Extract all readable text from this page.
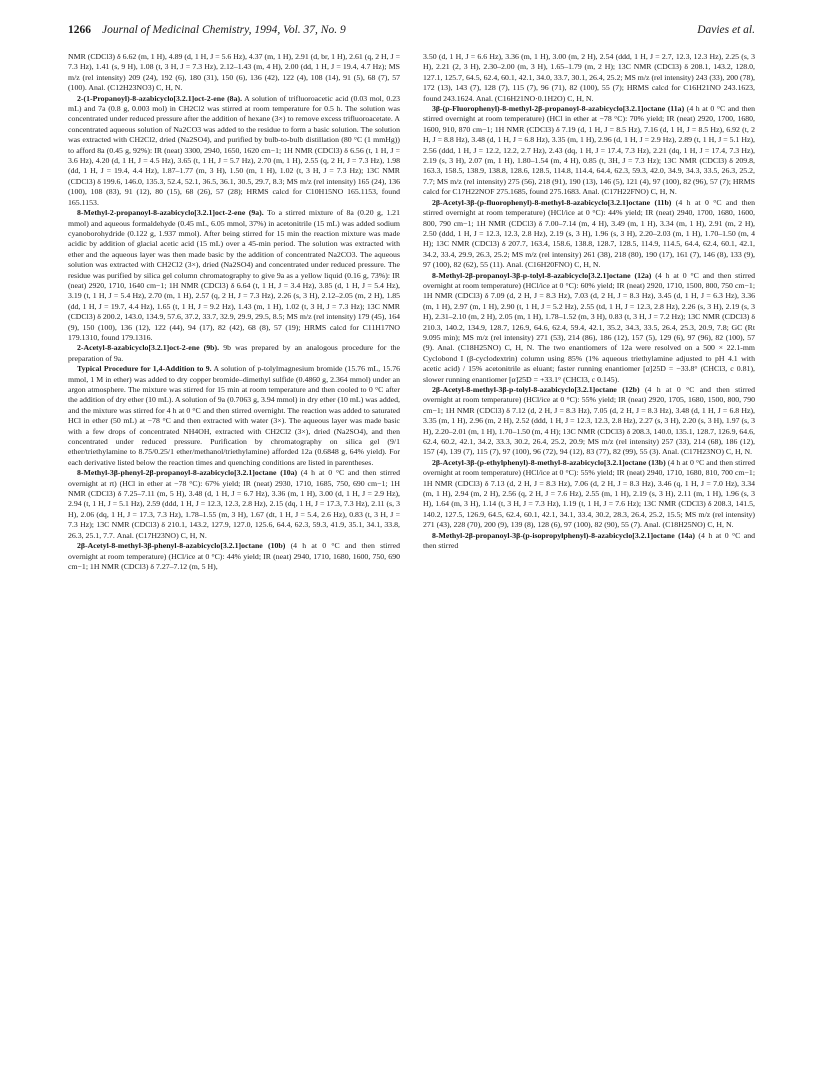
1266 Journal of Medicinal Chemistry, 1994, Vol. 37, No. 9	Davies et al.

NMR (CDCl3) δ 6.62 (m, 1 H), 4.89 (d, 1 H, J = 5.6 Hz), 4.37 (m, 1 H), 2.91 (d, br, 1 H), 2.61 (q, 2 H, J = 7.3 Hz), 1.41 (s, 9 H), 1.08 (t, 3 H, J = 7.3 Hz), 2.12–1.43 (m, 4 H), 2.00 (dd, 1 H, J = 19.4, 4.7 Hz); MS m/z (rel intensity) 209 (24), 192 (6), 180 (31), 150 (6), 136 (42), 122 (4), 108 (14), 91 (5), 68 (7), 57 (100). Anal. (C12H23NO3) C, H, N.

2-(1-Propanoyl)-8-azabicyclo[3.2.1]oct-2-ene (8a). A solution of trifluoroacetic acid (0.03 mol, 0.23 mL) and 7a (0.8 g, 0.003 mol) in CH2Cl2 was stirred at room temperature for 0.5 h. The solution was concentrated under reduced pressure after the addition of hexane (3×) to remove excess trifluoroacetate. A concentrated aqueous solution of Na2CO3 was added to the residue to form a basic solution. The solution was extracted with CH2Cl2, dried (Na2SO4), and purified by bulb-to-bulb distillation (80 °C (1 mmHg)) to afford 8a (0.45 g, 92%): IR (neat) 3300, 2940, 1650, 1620 cm−1; 1H NMR (CDCl3) δ 6.56 (t, 1 H, J = 3.6 Hz), 4.20 (d, 1 H, J = 4.5 Hz), 3.65 (t, 1 H, J = 5.7 Hz), 2.70 (m, 1 H), 2.55 (q, 2 H, J = 7.3 Hz), 1.98 (dd, 1 H, J = 19.4, 4.4 Hz), 1.87–1.77 (m, 3 H), 1.50 (m, 1 H), 1.02 (t, 3 H, J = 7.3 Hz); 13C NMR (CDCl3) δ 199.6, 146.0, 135.3, 52.4, 52.1, 36.5, 36.1, 30.5, 29.7, 8.3; MS m/z (rel intensity) 165 (24), 136 (100), 108 (83), 91 (12), 80 (15), 68 (26), 57 (28); HRMS calcd for C10H15NO 165.1153, found 165.1153.

8-Methyl-2-propanoyl-8-azabicyclo[3.2.1]oct-2-ene (9a). To a stirred mixture of 8a (0.20 g, 1.21 mmol) and aqueous formaldehyde (0.45 mL, 6.05 mmol, 37%) in acetonitrile (15 mL) was added sodium cyanoborohydride (0.122 g, 1.937 mmol). After being stirred for 15 min the reaction mixture was made acidic by addition of glacial acetic acid (15 mL) over a 45-min period. The solution was extracted with ether and the aqueous layer was then made basic by the addition of concentrated Na2CO3. The aqueous solution was extracted with CH2Cl2 (3×), dried (Na2SO4) and concentrated under reduced pressure. The residue was purified by silica gel column chromatography to give 9a as a yellow liquid (0.16 g, 73%): IR (neat) 2920, 1710, 1640 cm−1; 1H NMR (CDCl3) δ 6.64 (t, 1 H, J = 3.4 Hz), 3.85 (d, 1 H, J = 5.4 Hz), 3.19 (t, 1 H, J = 5.4 Hz), 2.70 (m, 1 H), 2.57 (q, 2 H, J = 7.3 Hz), 2.26 (s, 3 H), 2.12–2.05 (m, 2 H), 1.85 (dd, 1 H, J = 19.7, 4.4 Hz), 1.65 (t, 1 H, J = 9.2 Hz), 1.43 (m, 1 H), 1.02 (t, 3 H, J = 7.3 Hz); 13C NMR (CDCl3) δ 200.2, 143.0, 134.9, 57.6, 37.2, 33.7, 32.9, 29.9, 29.5, 8.5; MS m/z (rel intensity) 179 (45), 164 (9), 150 (100), 136 (12), 122 (44), 94 (17), 82 (42), 68 (8), 57 (19); HRMS calcd for C11H17NO 179.1310, found 179.1316.

2-Acetyl-8-azabicyclo[3.2.1]oct-2-ene (9b). 9b was prepared by an analogous procedure for the preparation of 9a.

Typical Procedure for 1,4-Addition to 9. A solution of p-tolylmagnesium bromide (15.76 mL, 15.76 mmol, 1 M in ether) was added to dry copper bromide–dimethyl sulfide (0.4860 g, 2.364 mmol) under an argon atmosphere. The mixture was stirred for 15 min at room temperature and then cooled to 0 °C after the addition of dry ether (10 mL). A solution of 9a (0.7063 g, 3.94 mmol) in dry ether (10 mL) was added, and the mixture was stirred for 4 h at 0 °C and then stirred overnight. The reaction was added to saturated HCl in ether (50 mL) at −78 °C and then extracted with water (3×). The aqueous layer was made basic with a few drops of concentrated NH4OH, extracted with CH2Cl2 (3×), dried (Na2SO4), and then concentrated under reduced pressure. Purification by chromatography on silica gel (9/1 ether/triethylamine to 8.75/0.25/1 ether/methanol/triethylamine) afforded 12a (0.6848 g, 64% yield). For each derivative listed below the reaction times and quenching conditions are listed in parentheses.

8-Methyl-3β-phenyl-2β-propanoyl-8-azabicyclo[3.2.1]octane (10a) (4 h at 0 °C and then stirred overnight at rt) (HCl in ether at −78 °C): 67% yield; IR (neat) 2930, 1710, 1685, 750, 690 cm−1; 1H NMR (CDCl3) δ 7.25–7.11 (m, 5 H), 3.48 (d, 1 H, J = 6.7 Hz), 3.36 (m, 1 H), 3.00 (d, 1 H, J = 2.9 Hz), 2.94 (t, 1 H, J = 5.1 Hz), 2.59 (ddd, 1 H, J = 12.3, 12.3, 2.8 Hz), 2.15 (dq, 1 H, J = 17.3, 7.3 Hz), 2.11 (s, 3 H), 2.06 (dq, 1 H, J = 17.3, 7.3 Hz), 1.78–1.55 (m, 3 H), 1.67 (dt, 1 H, J = 5.4, 2.6 Hz), 0.83 (t, 3 H, J = 7.3 Hz); 13C NMR (CDCl3) δ 210.1, 143.2, 127.9, 127.0, 125.6, 64.4, 62.3, 59.3, 41.9, 35.1, 34.1, 33.8, 26.3, 25.1, 7.7. Anal. (C17H23NO) C, H, N.

2β-Acetyl-8-methyl-3β-phenyl-8-azabicyclo[3.2.1]octane (10b) (4 h at 0 °C and then stirred overnight at room temperature) (HCl/ice at 0 °C): 44% yield; IR (neat) 2940, 1710, 1680, 1600, 750, 690 cm−1; 1H NMR (CDCl3) δ 7.27–7.12 (m, 5 H),

3.50 (d, 1 H, J = 6.6 Hz), 3.36 (m, 1 H), 3.00 (m, 2 H), 2.54 (ddd, 1 H, J = 2.7, 12.3, 12.3 Hz), 2.25 (s, 3 H), 2.21 (2, 3 H), 2.30–2.00 (m, 3 H), 1.65–1.79 (m, 2 H); 13C NMR (CDCl3) δ 208.1, 143.2, 128.0, 127.1, 125.7, 64.5, 62.4, 60.1, 42.1, 34.0, 33.7, 30.1, 26.4, 25.2; MS m/z (rel intensity) 243 (33), 200 (78), 172 (13), 143 (7), 128 (7), 115 (7), 96 (71), 82 (100), 55 (7); HRMS calcd for C16H21NO 243.1623, found 243.1624. Anal. (C16H21NO·0.1H2O) C, H, N.

3β-(p-Fluorophenyl)-8-methyl-2β-propanoyl-8-azabicyclo[3.2.1]octane (11a) (4 h at 0 °C and then stirred overnight at room temperature) (HCl in ether at −78 °C): 70% yield; IR (neat) 2920, 1700, 1680, 1600, 910, 870 cm−1; 1H NMR (CDCl3) δ 7.19 (d, 1 H, J = 8.5 Hz), 7.16 (d, 1 H, J = 8.5 Hz), 6.92 (t, 2 H, J = 8.8 Hz), 3.48 (d, 1 H, J = 6.8 Hz), 3.35 (m, 1 H), 2.96 (d, 1 H, J = 2.9 Hz), 2.89 (t, 1 H, J = 5.1 Hz), 2.56 (ddd, 1 H, J = 12.2, 12.2, 2.7 Hz), 2.43 (dq, 1 H, J = 17.4, 7.3 Hz), 2.21 (dq, 1 H, J = 17.4, 7.3 Hz), 2.19 (s, 3 H), 2.07 (m, 1 H), 1.80–1.54 (m, 4 H), 0.85 (t, 3H, J = 7.3 Hz); 13C NMR (CDCl3) δ 209.8, 163.3, 158.5, 138.9, 138.8, 128.6, 128.5, 114.8, 114.4, 64.4, 62.3, 59.3, 42.0, 34.9, 34.3, 33.5, 26.3, 25.2, 7.7; MS m/z (rel intensity) 275 (56), 218 (91), 190 (13), 146 (5), 121 (4), 97 (100), 82 (96), 57 (7); HRMS calcd for C17H22NOF 275.1685, found 275.1683. Anal. (C17H22FNO) C, H, N.

2β-Acetyl-3β-(p-fluorophenyl)-8-methyl-8-azabicyclo[3.2.1]octane (11b) (4 h at 0 °C and then stirred overnight at room temperature) (HCl/ice at 0 °C): 44% yield; IR (neat) 2940, 1700, 1680, 1600, 800, 790 cm−1; 1H NMR (CDCl3) δ 7.00–7.14 (m, 4 H), 3.49 (m, 1 H), 3.34 (m, 1 H), 2.91 (m, 2 H), 2.50 (ddd, 1 H, J = 12.3, 12.3, 2.8 Hz), 2.19 (s, 3 H), 1.96 (s, 3 H), 2.20–2.03 (m, 1 H), 1.70–1.50 (m, 4 H); 13C NMR (CDCl3) δ 207.7, 163.4, 158.6, 138.8, 128.7, 128.5, 114.9, 114.5, 64.4, 62.4, 60.1, 42.1, 34.2, 33.4, 29.9, 26.3, 25.2; MS m/z (rel intensity) 261 (38), 218 (80), 190 (17), 161 (7), 146 (8), 133 (9), 97 (100), 82 (62), 55 (11). Anal. (C16H20FNO) C, H, N.

8-Methyl-2β-propanoyl-3β-p-tolyl-8-azabicyclo[3.2.1]octane (12a) (4 h at 0 °C and then stirred overnight at room temperature) (HCl/ice at 0 °C): 60% yield; IR (neat) 2920, 1710, 1500, 800, 750 cm−1; 1H NMR (CDCl3) δ 7.09 (d, 2 H, J = 8.3 Hz), 7.03 (d, 2 H, J = 8.3 Hz), 3.45 (d, 1 H, J = 6.3 Hz), 3.36 (m, 1 H), 2.97 (m, 1 H), 2.90 (t, 1 H, J = 5.2 Hz), 2.55 (td, 1 H, J = 12.3, 2.8 Hz), 2.26 (s, 3 H), 2.19 (s, 3 H), 2.31–2.10 (m, 2 H), 2.05 (m, 1 H), 1.78–1.52 (m, 3 H), 0.83 (t, 3 H, J = 7.2 Hz); 13C NMR (CDCl3) δ 210.3, 140.2, 134.9, 128.7, 126.9, 64.6, 62.4, 59.4, 42.1, 35.2, 34.3, 33.5, 26.4, 25.3, 20.9, 7.8; GC (Rt 9.095 min); MS m/z (rel intensity) 271 (53), 214 (86), 186 (12), 157 (5), 129 (6), 97 (96), 82 (100), 57 (9). Anal. (C18H25NO) C, H, N. The two enantiomers of 12a were resolved on a 500 × 22.1-mm Cyclobond I (β-cyclodextrin) column using 85% (1% aqueous triethylamine adjusted to pH 4.1 with acetic acid) / 15% acetonitrile as eluant; faster running enantiomer [α]25D = −33.8° (CHCl3, c 0.81), slower running enantiomer [α]25D = +33.1° (CHCl3, c 0.145).

2β-Acetyl-8-methyl-3β-p-tolyl-8-azabicyclo[3.2.1]octane (12b) (4 h at 0 °C and then stirred overnight at room temperature) (HCl/ice at 0 °C): 55% yield; IR (neat) 2920, 1705, 1680, 1500, 800, 790 cm−1; 1H NMR (CDCl3) δ 7.12 (d, 2 H, J = 8.3 Hz), 7.05 (d, 2 H, J = 8.3 Hz), 3.48 (d, 1 H, J = 6.8 Hz), 3.35 (m, 1 H), 2.96 (m, 2 H), 2.52 (ddd, 1 H, J = 12.3, 12.3, 2.8 Hz), 2.27 (s, 3 H), 2.20 (s, 3 H), 1.97 (s, 3 H), 2.20–2.01 (m, 1 H), 1.70–1.50 (m, 4 H); 13C NMR (CDCl3) δ 208.3, 140.0, 135.1, 128.7, 126.9, 64.6, 62.4, 60.2, 42.1, 34.2, 33.3, 30.2, 26.4, 25.2, 20.9; MS m/z (rel intensity) 257 (33), 214 (68), 186 (12), 157 (4), 139 (7), 115 (7), 97 (100), 96 (72), 94 (12), 83 (77), 82 (99), 55 (3). Anal. (C17H23NO) C, H, N.

2β-Acetyl-3β-(p-ethylphenyl)-8-methyl-8-azabicyclo[3.2.1]octane (13b) (4 h at 0 °C and then stirred overnight at room temperature) (HCl/ice at 0 °C): 55% yield; IR (neat) 2940, 1710, 1680, 810, 700 cm−1; 1H NMR (CDCl3) δ 7.13 (d, 2 H, J = 8.3 Hz), 7.06 (d, 2 H, J = 8.3 Hz), 3.46 (q, 1 H, J = 7.0 Hz), 3.34 (m, 1 H), 2.94 (m, 2 H), 2.56 (q, 2 H, J = 7.6 Hz), 2.55 (m, 1 H), 2.19 (s, 3 H), 2.11 (m, 1 H), 1.96 (s, 3 H), 1.64 (m, 3 H), 1.14 (t, 3 H, J = 7.3 Hz), 1.19 (t, 1 H, J = 7.6 Hz); 13C NMR (CDCl3) δ 208.3, 141.5, 140.2, 127.5, 126.9, 64.5, 62.4, 60.1, 42.1, 34.1, 33.4, 30.2, 28.3, 26.4, 25.2, 15.5; MS m/z (rel intensity) 271 (43), 228 (70), 200 (9), 139 (8), 128 (6), 97 (100), 82 (90), 55 (7). Anal. (C18H25NO) C, H, N.

8-Methyl-2β-propanoyl-3β-(p-isopropylphenyl)-8-azabicyclo[3.2.1]octane (14a) (4 h at 0 °C and then stirred
